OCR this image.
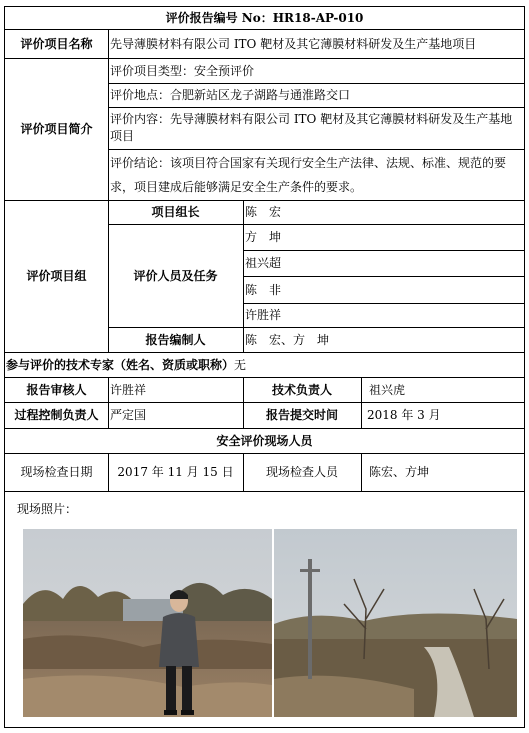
评价报告编号 No：HR18-AP-010
评价项目名称	先导薄膜材料有限公司 ITO 靶材及其它薄膜材料研发及生产基地项目
评价项目简介
评价项目类型：安全预评价
评价地点：合肥新站区龙子湖路与通淮路交口
评价内容：先导薄膜材料有限公司 ITO 靶材及其它薄膜材料研发及生产基地项目
评价结论：该项目符合国家有关现行安全生产法律、法规、标准、规范的要求，项目建成后能够满足安全生产条件的要求。
评价项目组
项目组长	陈　宏
评价人员及任务
方　坤
祖兴超
陈　非
许胜祥
报告编制人	陈　宏、方　坤
参与评价的技术专家（姓名、资质或职称） 无
报告审核人	许胜祥	技术负责人	祖兴虎
过程控制负责人 严定国	报告提交时间	2018 年 3 月
安全评价现场人员
现场检查日期	2017 年 11 月 15 日	现场检查人员	陈宏、方坤
现场照片：
